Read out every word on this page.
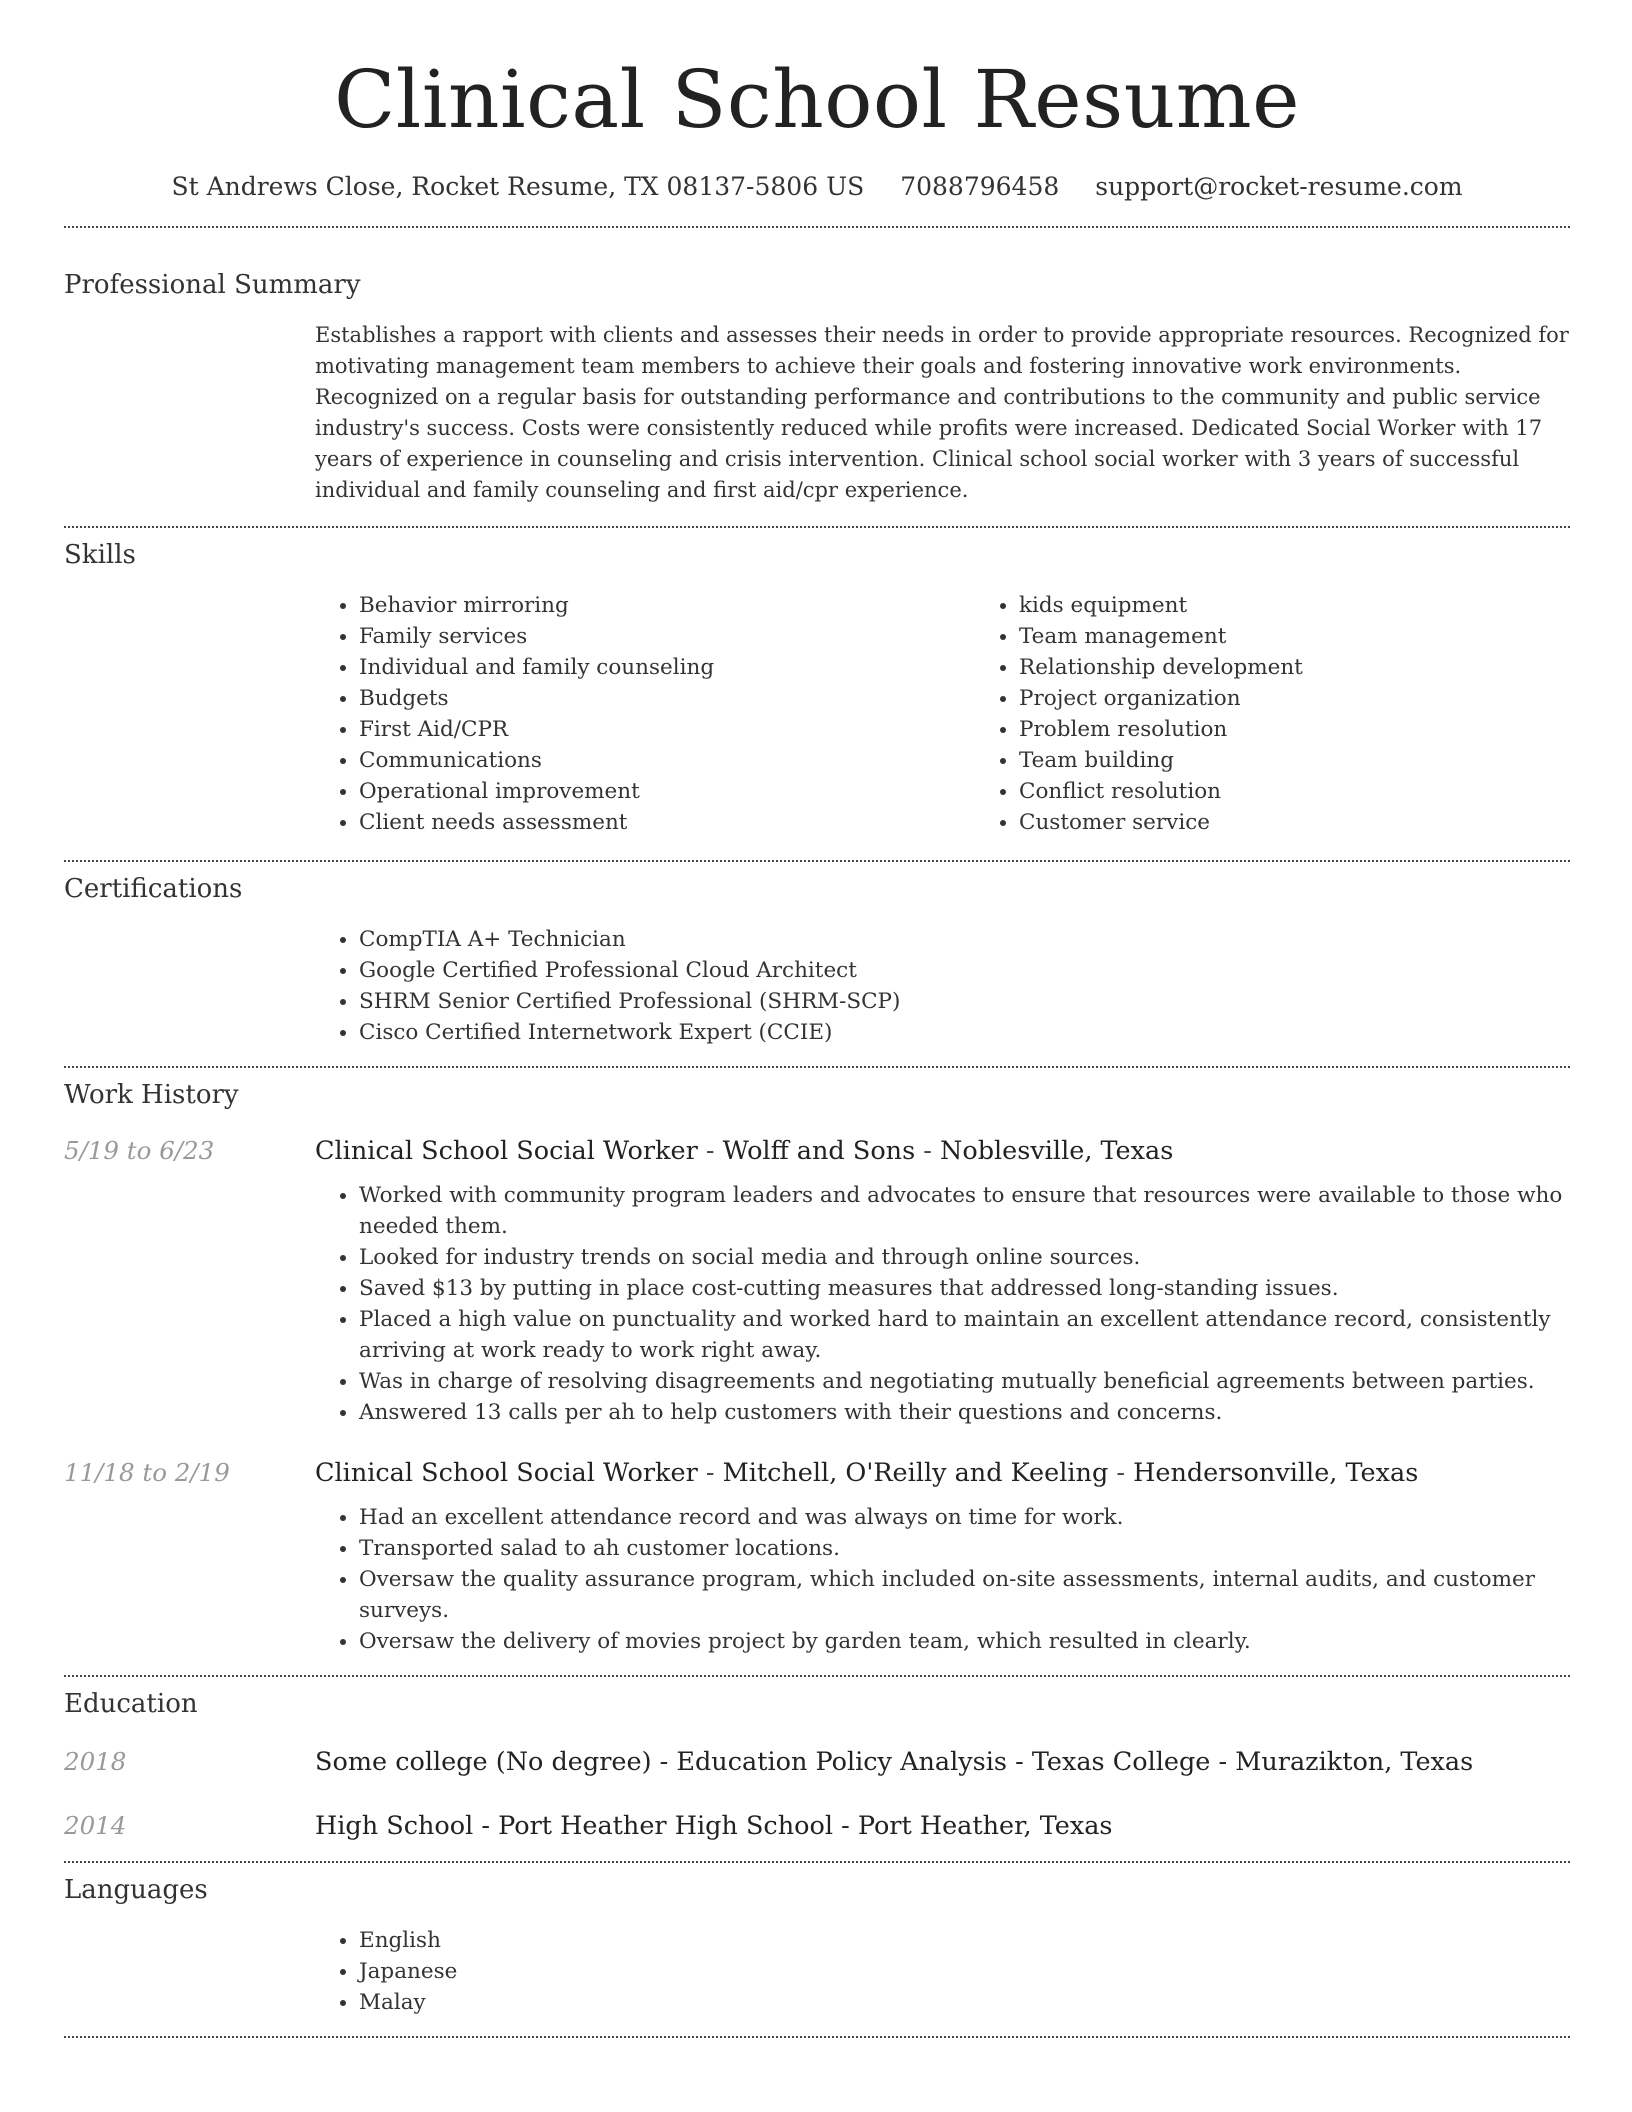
Clinical School Resume
St Andrews Close, Rocket Resume, TX 08137-5806 US 7088796458 support@rocket-resume.com
Professional Summary

Establishes a rapport with clients and assesses their needs in order to provide appropriate resources. Recognized for motivating management team members to achieve their goals and fostering innovative work environments. Recognized on a regular basis for outstanding performance and contributions to the community and public service industry's success. Costs were consistently reduced while profits were increased. Dedicated Social Worker with 17 years of experience in counseling and crisis intervention. Clinical school social worker with 3 years of successful individual and family counseling and first aid/cpr experience.

Skills
• Behavior mirroring
• Family services
• Individual and family counseling
• Budgets
• First Aid/CPR
• Communications
• Operational improvement
• Client needs assessment
• kids equipment
• Team management
• Relationship development
• Project organization
• Problem resolution
• Team building
• Conflict resolution
• Customer service
Certifications
• CompTIA A+ Technician
• Google Certified Professional Cloud Architect
• SHRM Senior Certified Professional (SHRM-SCP)
• Cisco Certified Internetwork Expert (CCIE)
Work History
5/19 to 6/23	Clinical School Social Worker - Wolff and Sons - Noblesville, Texas
• Worked with community program leaders and advocates to ensure that resources were available to those who needed them.
• Looked for industry trends on social media and through online sources.
• Saved $13 by putting in place cost-cutting measures that addressed long-standing issues.
• Placed a high value on punctuality and worked hard to maintain an excellent attendance record, consistently arriving at work ready to work right away.
• Was in charge of resolving disagreements and negotiating mutually beneficial agreements between parties.
• Answered 13 calls per ah to help customers with their questions and concerns.
11/18 to 2/19	Clinical School Social Worker - Mitchell, O'Reilly and Keeling - Hendersonville, Texas
• Had an excellent attendance record and was always on time for work.
• Transported salad to ah customer locations.
• Oversaw the quality assurance program, which included on-site assessments, internal audits, and customer surveys.
• Oversaw the delivery of movies project by garden team, which resulted in clearly.
Education
2018	Some college (No degree) - Education Policy Analysis - Texas College - Murazikton, Texas
2014	High School - Port Heather High School - Port Heather, Texas
Languages
• English
• Japanese
• Malay
